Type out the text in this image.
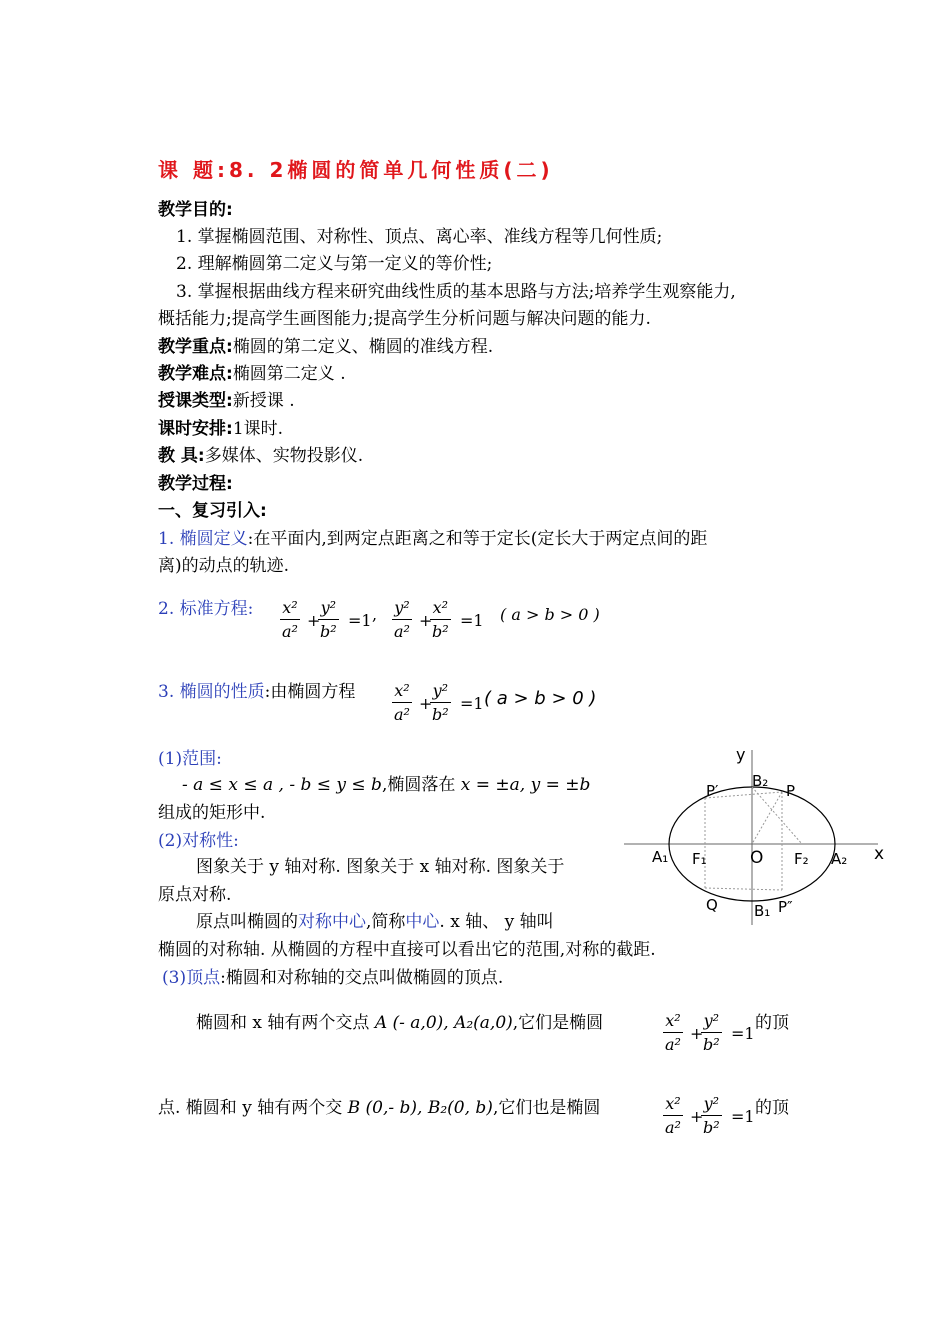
课 题:8. 2椭圆的简单几何性质(二)
教学目的:
1. 掌握椭圆范围、对称性、顶点、离心率、准线方程等几何性质;
2. 理解椭圆第二定义与第一定义的等价性;
3. 掌握根据曲线方程来研究曲线性质的基本思路与方法;培养学生观察能力,
概括能力;提高学生画图能力;提高学生分析问题与解决问题的能力.
教学重点:椭圆的第二定义、椭圆的准线方程.
教学难点:椭圆第二定义 .
授课类型:新授课 .
课时安排:1课时.
教 具:多媒体、实物投影仪.
教学过程:
一、复习引入:
1. 椭圆定义:在平面内,到两定点距离之和等于定长(定长大于两定点间的距
离)的动点的轨迹.
2. 标准方程: $\frac{\text{x²}}{\text{a²}}$ +
$\frac{\text{y²}}{\text{b²}} =1$ , $\frac{\text{y²}}{\text{a²}}$ +
$\frac{\text{x²}}{\text{b²}} =1$ ( a > b > 0 )
3. 椭圆的性质:由椭圆方程 $\frac{\text{x²}}{\text{a²}}$ +
$\frac{\text{y²}}{\text{b²}} =1$ ( a > b > 0 )
(1)范围:
- a ≤ x ≤ a , - b ≤ y ≤ b,椭圆落在 x = ±a, y = ±b
组成的矩形中.
(2)对称性:
图象关于 y 轴对称. 图象关于 x 轴对称. 图象关于
原点对称.
原点叫椭圆的对称中心,简称中心. x 轴、 y 轴叫
椭圆的对称轴. 从椭圆的方程中直接可以看出它的范围,对称的截距.
(3)顶点:椭圆和对称轴的交点叫做椭圆的顶点.
椭圆和 x 轴有两个交点 A (- a,0), A₂(a,0),它们是椭圆	$\frac{\text{x²}}{\text{a²}}$ +
$\frac{\text{y²}}{\text{b²}} =1$
的顶
点. 椭圆和 y 轴有两个交 B (0,- b), B₂(0, b),它们也是椭圆	$\frac{\text{x²}}{\text{a²}}$ +
$\frac{\text{y²}}{\text{b²}} =1$ 的顶
y
x
O
P′
B₂
P
A₁ F₁	F₂ A₂
Q B₁ P″
